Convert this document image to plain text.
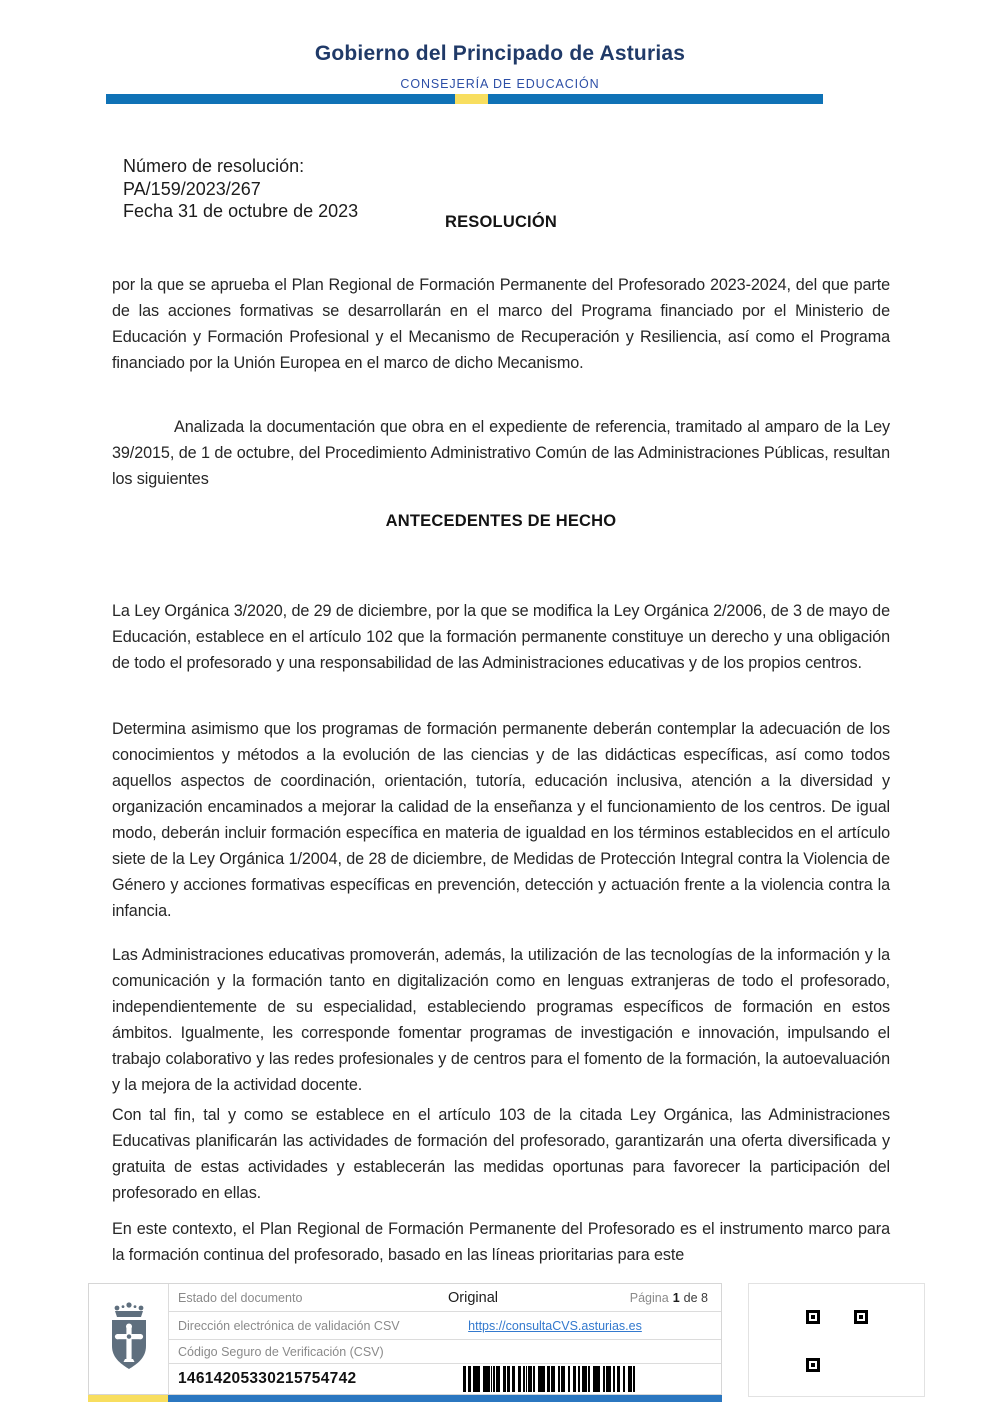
Gobierno del Principado de Asturias
CONSEJERÍA DE EDUCACIÓN
Número de resolución:
PA/159/2023/267
Fecha 31 de octubre de 2023
RESOLUCIÓN

por la que se aprueba el Plan Regional de Formación Permanente del Profesorado 2023-2024, del que parte de las acciones formativas se desarrollarán en el marco del Programa financiado por el Ministerio de Educación y Formación Profesional y el Mecanismo de Recuperación y Resiliencia, así como el Programa financiado por la Unión Europea en el marco de dicho Mecanismo.

Analizada la documentación que obra en el expediente de referencia, tramitado al amparo de la Ley 39/2015, de 1 de octubre, del Procedimiento Administrativo Común de las Administraciones Públicas, resultan los siguientes

ANTECEDENTES DE HECHO

La Ley Orgánica 3/2020, de 29 de diciembre, por la que se modifica la Ley Orgánica 2/2006, de 3 de mayo de Educación, establece en el artículo 102 que la formación permanente constituye un derecho y una obligación de todo el profesorado y una responsabilidad de las Administraciones educativas y de los propios centros.

Determina asimismo que los programas de formación permanente deberán contemplar la adecuación de los conocimientos y métodos a la evolución de las ciencias y de las didácticas específicas, así como todos aquellos aspectos de coordinación, orientación, tutoría, educación inclusiva, atención a la diversidad y organización encaminados a mejorar la calidad de la enseñanza y el funcionamiento de los centros. De igual modo, deberán incluir formación específica en materia de igualdad en los términos establecidos en el artículo siete de la Ley Orgánica 1/2004, de 28 de diciembre, de Medidas de Protección Integral contra la Violencia de Género y acciones formativas específicas en prevención, detección y actuación frente a la violencia contra la infancia.

Las Administraciones educativas promoverán, además, la utilización de las tecnologías de la información y la comunicación y la formación tanto en digitalización como en lenguas extranjeras de todo el profesorado, independientemente de su especialidad, estableciendo programas específicos de formación en estos ámbitos. Igualmente, les corresponde fomentar programas de investigación e innovación, impulsando el trabajo colaborativo y las redes profesionales y de centros para el fomento de la formación, la autoevaluación y la mejora de la actividad docente.

Con tal fin, tal y como se establece en el artículo 103 de la citada Ley Orgánica, las Administraciones Educativas planificarán las actividades de formación del profesorado, garantizarán una oferta diversificada y gratuita de estas actividades y establecerán las medidas oportunas para favorecer la participación del profesorado en ellas.

En este contexto, el Plan Regional de Formación Permanente del Profesorado es el instrumento marco para la formación continua del profesorado, basado en las líneas prioritarias para este

Estado del documento	Original	Página 1 de 8
Dirección electrónica de validación CSV	https://consultaCVS.asturias.es
Código Seguro de Verificación (CSV)
14614205330215754742
